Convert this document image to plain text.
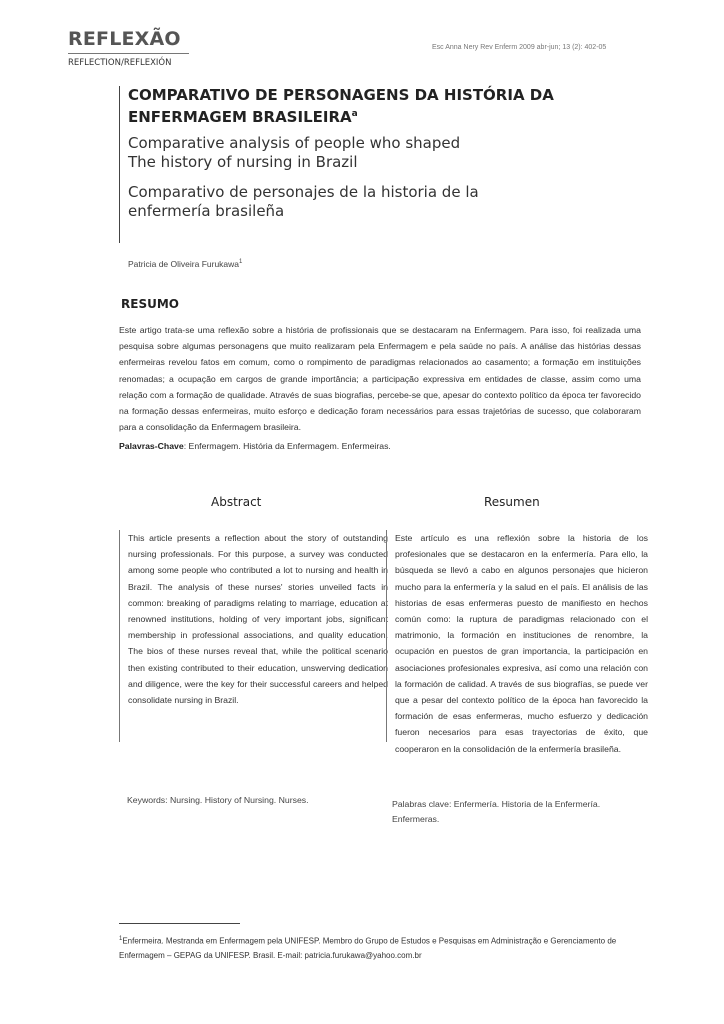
REFLEXÃO
REFLECTION/REFLEXIÓN
Esc Anna Nery Rev Enferm 2009 abr-jun; 13 (2): 402-05
COMPARATIVO DE PERSONAGENS DA HISTÓRIA DA ENFERMAGEM BRASILEIRA$^a$
Comparative analysis of people who shaped
The history of nursing in Brazil
Comparativo de personajes de la historia de la
enfermería brasileña
Patricia de Oliveira Furukawa$^1$
RESUMO
Este artigo trata-se uma reflexão sobre a história de profissionais que se destacaram na Enfermagem. Para isso, foi realizada uma pesquisa sobre algumas personagens que muito realizaram pela Enfermagem e pela saúde no país. A análise das histórias dessas enfermeiras revelou fatos em comum, como o rompimento de paradigmas relacionados ao casamento; a formação em instituições renomadas; a ocupação em cargos de grande importância; a participação expressiva em entidades de classe, assim como uma relação com a formação de qualidade. Através de suas biografias, percebe-se que, apesar do contexto político da época ter favorecido na formação dessas enfermeiras, muito esforço e dedicação foram necessários para essas trajetórias de sucesso, que colaboraram para a consolidação da Enfermagem brasileira.
Palavras-Chave: Enfermagem. História da Enfermagem. Enfermeiras.
Abstract	Resumen
This article presents a reflection about the story of outstanding nursing professionals. For this purpose, a survey was conducted among some people who contributed a lot to nursing and health in Brazil. The analysis of these nurses' stories unveiled facts in common: breaking of paradigms relating to marriage, education at renowned institutions, holding of very important jobs, significant membership in professional associations, and quality education. The bios of these nurses reveal that, while the political scenario then existing contributed to their education, unswerving dedication and diligence, were the key for their successful careers and helped consolidate nursing in Brazil.
Este artículo es una reflexión sobre la historia de los profesionales que se destacaron en la enfermería. Para ello, la búsqueda se llevó a cabo en algunos personajes que hicieron mucho para la enfermería y la salud en el país. El análisis de las historias de esas enfermeras puesto de manifiesto en hechos común como: la ruptura de paradigmas relacionado con el matrimonio, la formación en instituciones de renombre, la ocupación en puestos de gran importancia, la participación en asociaciones profesionales expresiva, así como una relación con la formación de calidad. A través de sus biografías, se puede ver que a pesar del contexto político de la época han favorecido la formación de esas enfermeras, mucho esfuerzo y dedicación fueron necesarios para esas trayectorias de éxito, que cooperaron en la consolidación de la enfermería brasileña.
Keywords: Nursing. History of Nursing. Nurses.	Palabras clave: Enfermería. Historia de la Enfermería. Enfermeras.
$^1$Enfermeira. Mestranda em Enfermagem pela UNIFESP. Membro do Grupo de Estudos e Pesquisas em Administração e Gerenciamento de Enfermagem – GEPAG da UNIFESP. Brasil. E-mail: patricia.furukawa@yahoo.com.br
